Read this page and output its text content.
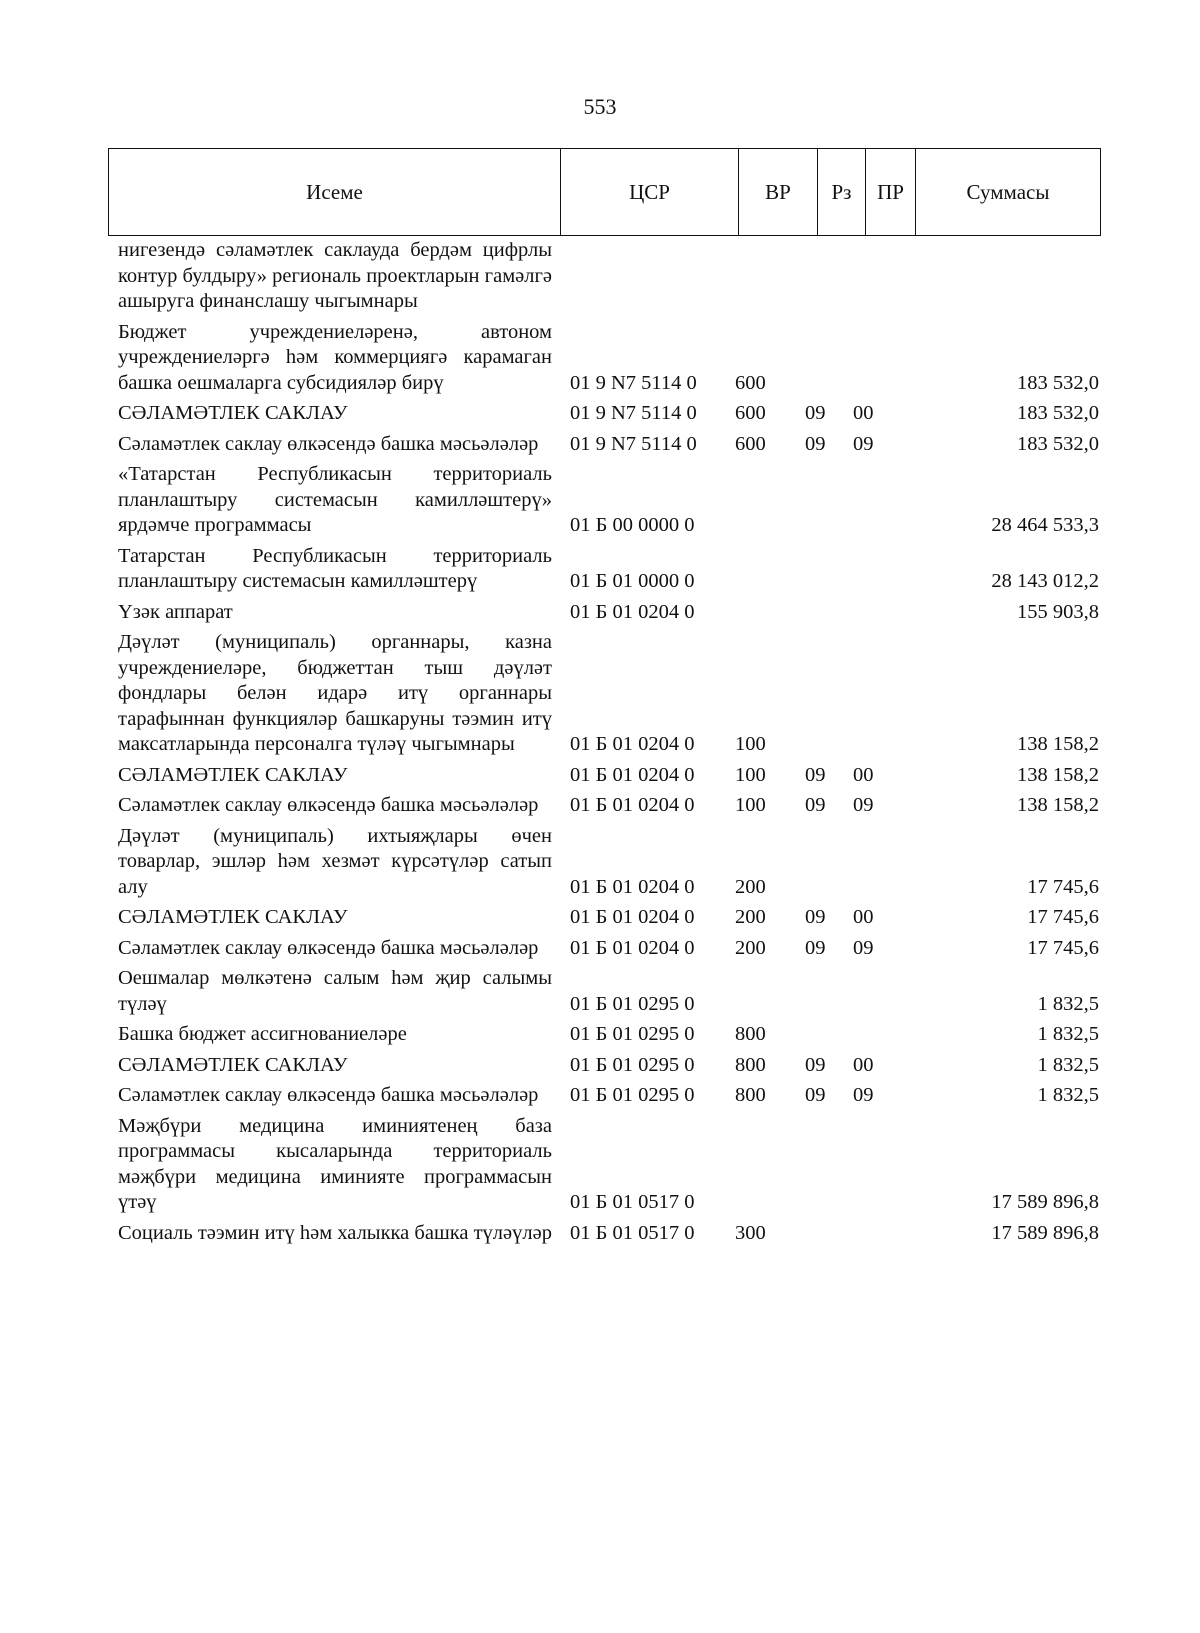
553
Исеме	ЦСР	ВР	Рз	ПР	Суммасы
нигезендә сәламәтлек саклауда бердәм цифрлы контур булдыру» региональ проектларын гамәлгә ашыруга финанслашу чыгымнары
Бюджет учреждениеләренә, автоном учреждениеләргә һәм коммерциягә карамаган башка оешмаларга субсидияләр бирү	01 9 N7 5114 0	600	183 532,0
СӘЛАМӘТЛЕК САКЛАУ	01 9 N7 5114 0	600	09	00	183 532,0
Сәламәтлек саклау өлкәсендә башка мәсьәләләр	01 9 N7 5114 0	600	09	09	183 532,0
«Татарстан Республикасын территориаль планлаштыру системасын камилләштерү» ярдәмче программасы	01 Б 00 0000 0	28 464 533,3
Татарстан Республикасын территориаль планлаштыру системасын камилләштерү	01 Б 01 0000 0	28 143 012,2
Үзәк аппарат	01 Б 01 0204 0	155 903,8
Дәүләт (муниципаль) органнары, казна учреждениеләре, бюджеттан тыш дәүләт фондлары белән идарә итү органнары тарафыннан функцияләр башкаруны тәэмин итү максатларында персоналга түләү чыгымнары	01 Б 01 0204 0	100	138 158,2
СӘЛАМӘТЛЕК САКЛАУ	01 Б 01 0204 0	100	09	00	138 158,2
Сәламәтлек саклау өлкәсендә башка мәсьәләләр	01 Б 01 0204 0	100	09	09	138 158,2
Дәүләт (муниципаль) ихтыяҗлары өчен товарлар, эшләр һәм хезмәт күрсәтүләр сатып алу	01 Б 01 0204 0	200	17 745,6
СӘЛАМӘТЛЕК САКЛАУ	01 Б 01 0204 0	200	09	00	17 745,6
Сәламәтлек саклау өлкәсендә башка мәсьәләләр	01 Б 01 0204 0	200	09	09	17 745,6
Оешмалар мөлкәтенә салым һәм җир салымы түләү	01 Б 01 0295 0	1 832,5
Башка бюджет ассигнованиеләре	01 Б 01 0295 0	800	1 832,5
СӘЛАМӘТЛЕК САКЛАУ	01 Б 01 0295 0	800	09	00	1 832,5
Сәламәтлек саклау өлкәсендә башка мәсьәләләр	01 Б 01 0295 0	800	09	09	1 832,5
Мәҗбүри медицина иминиятенең база программасы кысаларында территориаль мәҗбүри медицина иминияте программасын үтәү	01 Б 01 0517 0	17 589 896,8
Социаль тәэмин итү һәм халыкка башка түләүләр 01 Б 01 0517 0	300	17 589 896,8
